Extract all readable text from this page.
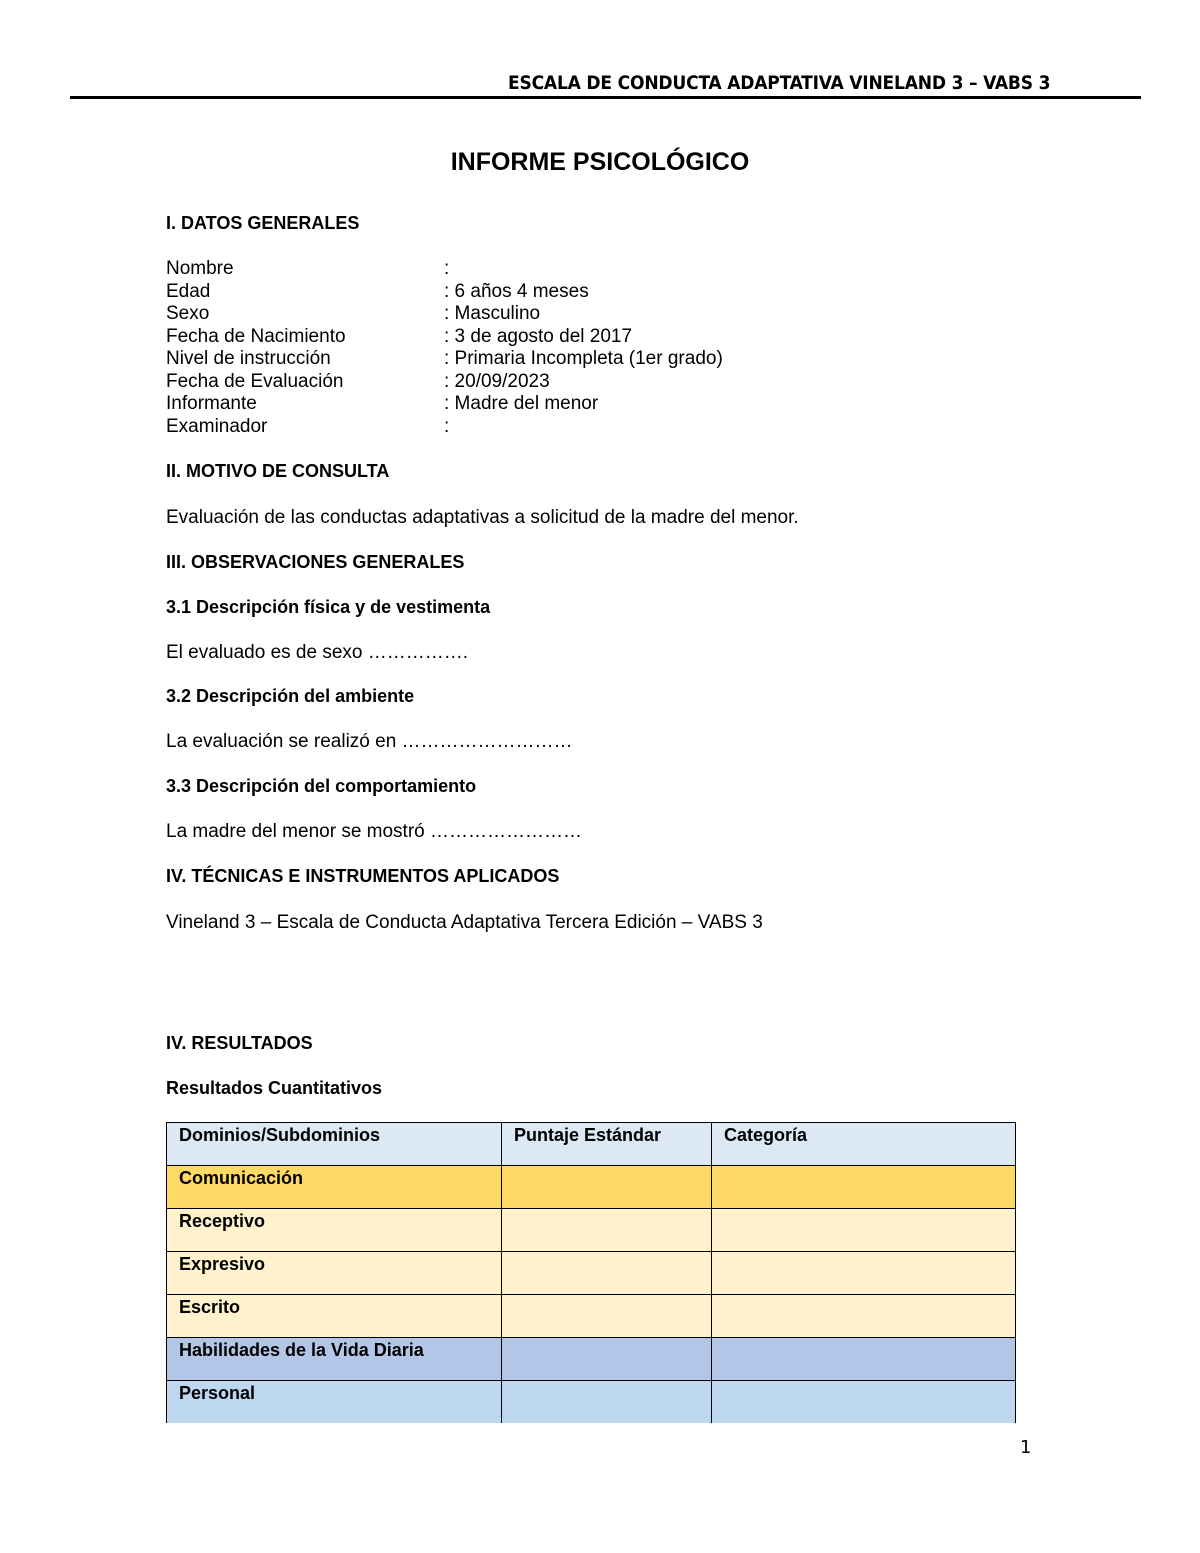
ESCALA DE CONDUCTA ADAPTATIVA VINELAND 3 – VABS 3
INFORME PSICOLÓGICO
I. DATOS GENERALES
Nombre	:
Edad	: 6 años 4 meses
Sexo	: Masculino
Fecha de Nacimiento	: 3 de agosto del 2017
Nivel de instrucción	: Primaria Incompleta (1er grado)
Fecha de Evaluación	: 20/09/2023
Informante	: Madre del menor
Examinador	:
II. MOTIVO DE CONSULTA
Evaluación de las conductas adaptativas a solicitud de la madre del menor.
III. OBSERVACIONES GENERALES
3.1 Descripción física y de vestimenta
El evaluado es de sexo …………….
3.2 Descripción del ambiente
La evaluación se realizó en ………………………
3.3 Descripción del comportamiento
La madre del menor se mostró ……………………
IV. TÉCNICAS E INSTRUMENTOS APLICADOS
Vineland 3 – Escala de Conducta Adaptativa Tercera Edición – VABS 3
IV. RESULTADOS
Resultados Cuantitativos
Dominios/Subdominios	Puntaje Estándar	Categoría
Comunicación		
Receptivo		
Expresivo		
Escrito		
Habilidades de la Vida Diaria		
Personal		
1
